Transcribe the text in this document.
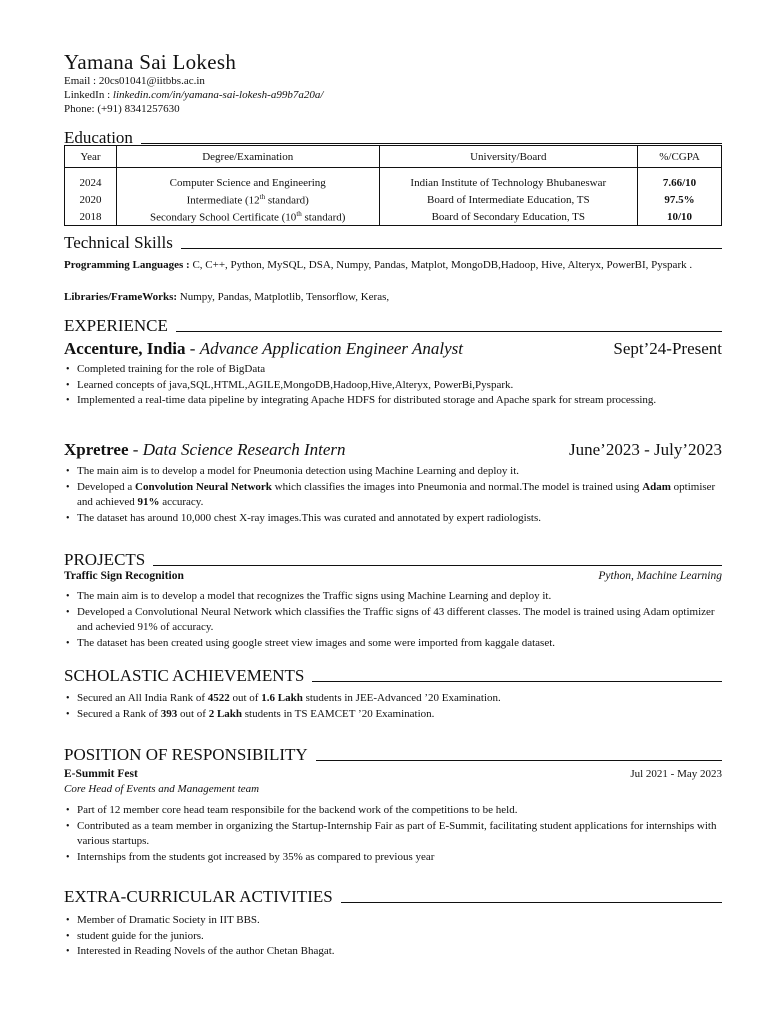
Yamana Sai Lokesh
Email : 20cs01041@iitbbs.ac.in
LinkedIn : linkedin.com/in/yamana-sai-lokesh-a99b7a20a/
Phone: (+91) 8341257630
Education
Year	Degree/Examination	University/Board	%/CGPA

2024	Computer Science and Engineering	Indian Institute of Technology Bhubaneswar	7.66/10
2020	Intermediate (12th standard)	Board of Intermediate Education, TS	97.5%
2018	Secondary School Certificate (10th standard)	Board of Secondary Education, TS	10/10
Technical Skills
Programming Languages : C, C++, Python, MySQL, DSA, Numpy, Pandas, Matplot, MongoDB,Hadoop, Hive, Alteryx, PowerBI, Pyspark .
Libraries/FrameWorks: Numpy, Pandas, Matplotlib, Tensorflow, Keras,
EXPERIENCE
Accenture, India - Advance Application Engineer Analyst	Sept’24-Present
• Completed training for the role of BigData
• Learned concepts of java,SQL,HTML,AGILE,MongoDB,Hadoop,Hive,Alteryx, PowerBi,Pyspark.
• Implemented a real-time data pipeline by integrating Apache HDFS for distributed storage and Apache spark for stream processing.
Xpretree - Data Science Research Intern	June’2023 - July’2023
• The main aim is to develop a model for Pneumonia detection using Machine Learning and deploy it.
• Developed a Convolution Neural Network which classifies the images into Pneumonia and normal.The model is trained using Adam optimiser and achieved 91% accuracy.
• The dataset has around 10,000 chest X-ray images.This was curated and annotated by expert radiologists.
PROJECTS
Traffic Sign Recognition	Python, Machine Learning
• The main aim is to develop a model that recognizes the Traffic signs using Machine Learning and deploy it.
• Developed a Convolutional Neural Network which classifies the Traffic signs of 43 different classes. The model is trained using Adam optimizer and achevied 91% of accuracy.
• The dataset has been created using google street view images and some were imported from kaggale dataset.
SCHOLASTIC ACHIEVEMENTS
• Secured an All India Rank of 4522 out of 1.6 Lakh students in JEE-Advanced ’20 Examination.
• Secured a Rank of 393 out of 2 Lakh students in TS EAMCET ’20 Examination.
POSITION OF RESPONSIBILITY
E-Summit Fest	Jul 2021 - May 2023
Core Head of Events and Management team
• Part of 12 member core head team responsibile for the backend work of the competitions to be held.
• Contributed as a team member in organizing the Startup-Internship Fair as part of E-Summit, facilitating student applications for internships with various startups.
• Internships from the students got increased by 35% as compared to previous year
EXTRA-CURRICULAR ACTIVITIES
• Member of Dramatic Society in IIT BBS.
• student guide for the juniors.
• Interested in Reading Novels of the author Chetan Bhagat.
